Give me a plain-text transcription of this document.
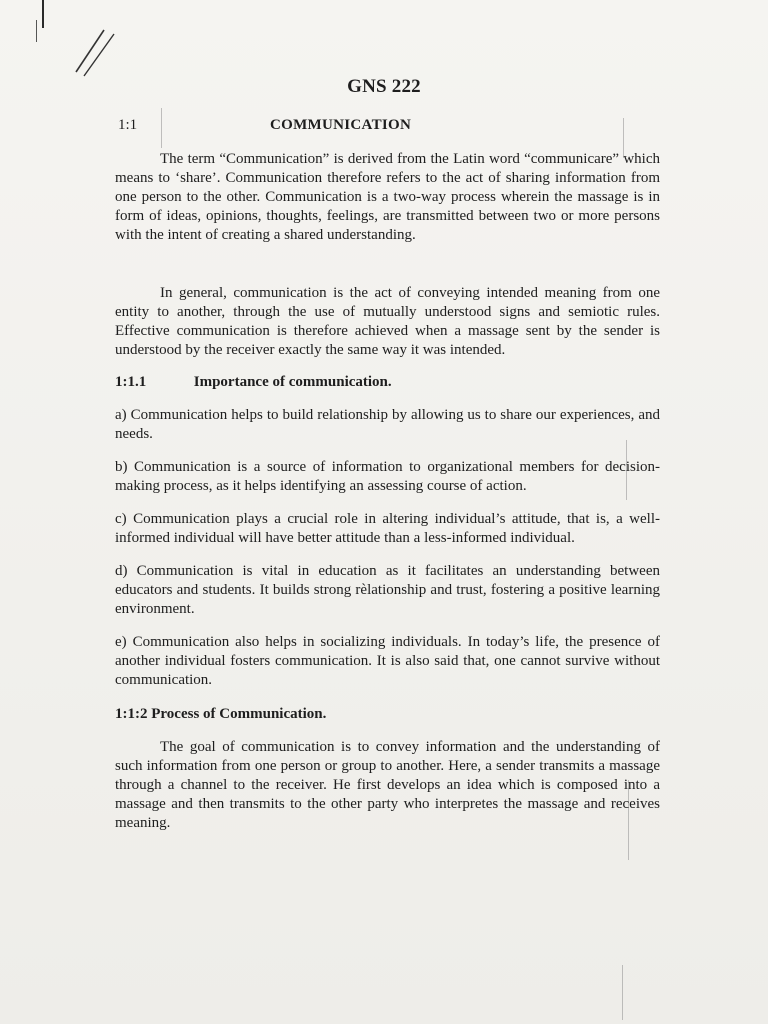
GNS 222
1:1	COMMUNICATION

The term “Communication” is derived from the Latin word “communicare” which means to ‘share’. Communication therefore refers to the act of sharing information from one person to the other. Communication is a two-way process wherein the massage is in form of ideas, opinions, thoughts, feelings, are transmitted between two or more persons with the intent of creating a shared understanding.

In general, communication is the act of conveying intended meaning from one entity to another, through the use of mutually understood signs and semiotic rules. Effective communication is therefore achieved when a massage sent by the sender is understood by the receiver exactly the same way it was intended.

1:1.1	Importance of communication.

a) Communication helps to build relationship by allowing us to share our experiences, and needs.

b) Communication is a source of information to organizational members for decision- making process, as it helps identifying an assessing course of action.

c) Communication plays a crucial role in altering individual’s attitude, that is, a well-informed individual will have better attitude than a less-informed individual.

d) Communication is vital in education as it facilitates an understanding between educators and students. It builds strong rèlationship and trust, fostering a positive learning environment.

e) Communication also helps in socializing individuals. In today’s life, the presence of another individual fosters communication. It is also said that, one cannot survive without communication.

1:1:2 Process of Communication.

The goal of communication is to convey information and the understanding of such information from one person or group to another. Here, a sender transmits a massage through a channel to the receiver. He first develops an idea which is composed into a massage and then transmits to the other party who interpretes the massage and receives meaning.
